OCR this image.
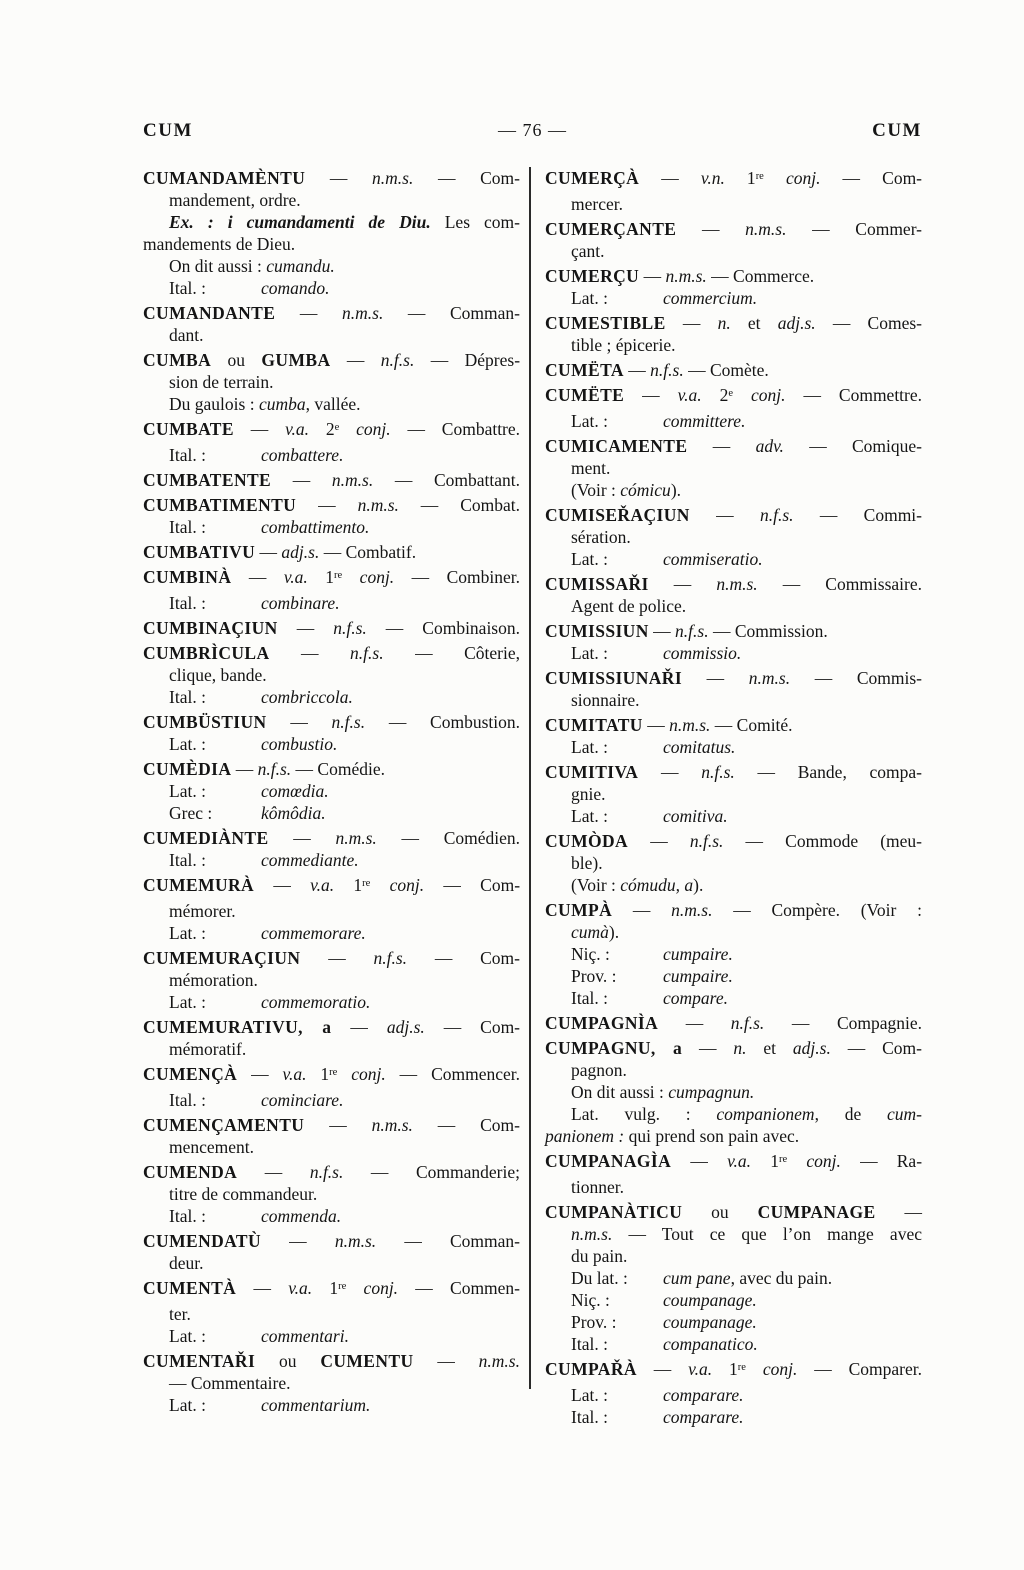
CUM	— 76 —	CUM
CUMANDAMÈNTU — n.m.s. — Com-
mandement, ordre.
Ex. : i cumandamenti de Diu. Les com-
mandements de Dieu.
On dit aussi : cumandu.
Ital. :	comando.
CUMANDANTE — n.m.s. — Comman-
dant.
CUMBA ou GUMBA — n.f.s. — Dépres-
sion de terrain.
Du gaulois : cumba, vallée.
CUMBATE — v.a. 2e conj. — Combattre.
Ital. :	combattere.
CUMBATENTE — n.m.s. — Combattant.
CUMBATIMENTU — n.m.s. — Combat.
Ital. :	combattimento.
CUMBATIVU — adj.s. — Combatif.
CUMBINÀ — v.a. 1re conj. — Combiner.
Ital. :	combinare.
CUMBINAÇIUN — n.f.s. — Combinaison.
CUMBRÌCULA — n.f.s. — Côterie,
clique, bande.
Ital. :	combriccola.
CUMBÜSTIUN — n.f.s. — Combustion.
Lat. :	combustio.
CUMÈDIA — n.f.s. — Comédie.
Lat. :	comœdia.
Grec :	kômôdia.
CUMEDIÀNTE — n.m.s. — Comédien.
Ital. :	commediante.
CUMEMURÀ — v.a. 1re conj. — Com-
mémorer.
Lat. :	commemorare.
CUMEMURAÇIUN — n.f.s. — Com-
mémoration.
Lat. :	commemoratio.
CUMEMURATIVU, a — adj.s. — Com-
mémoratif.
CUMENÇÀ — v.a. 1re conj. — Commencer.
Ital. :	cominciare.
CUMENÇAMENTU — n.m.s. — Com-
mencement.
CUMENDA — n.f.s. — Commanderie;
titre de commandeur.
Ital. :	commenda.
CUMENDATÙ — n.m.s. — Comman-
deur.
CUMENTÀ — v.a. 1re conj. — Commen-
ter.
Lat. :	commentari.
CUMENTAŘI ou CUMENTU — n.m.s.
— Commentaire.
Lat. :	commentarium.
CUMERÇÀ — v.n. 1re conj. — Com-
mercer.
CUMERÇANTE — n.m.s. — Commer-
çant.
CUMERÇU — n.m.s. — Commerce.
Lat. :	commercium.
CUMESTIBLE — n. et adj.s. — Comes-
tible ; épicerie.
CUMËTA — n.f.s. — Comète.
CUMËTE — v.a. 2e conj. — Commettre.
Lat. :	committere.
CUMICAMENTE — adv. — Comique-
ment.
(Voir : cómicu).
CUMISEŘAÇIUN — n.f.s. — Commi-
sération.
Lat. :	commiseratio.
CUMISSAŘI — n.m.s. — Commissaire.
Agent de police.
CUMISSIUN — n.f.s. — Commission.
Lat. :	commissio.
CUMISSIUNAŘI — n.m.s. — Commis-
sionnaire.
CUMITATU — n.m.s. — Comité.
Lat. :	comitatus.
CUMITIVA — n.f.s. — Bande, compa-
gnie.
Lat. :	comitiva.
CUMÒDA — n.f.s. — Commode (meu-
ble).
(Voir : cómudu, a).
CUMPÀ — n.m.s. — Compère. (Voir :
cumà).
Niç. :	cumpaire.
Prov. :	cumpaire.
Ital. :	compare.
CUMPAGNÌA — n.f.s. — Compagnie.
CUMPAGNU, a — n. et adj.s. — Com-
pagnon.
On dit aussi : cumpagnun.
Lat. vulg. : companionem, de cum-
panionem : qui prend son pain avec.
CUMPANAGÌA — v.a. 1re conj. — Ra-
tionner.
CUMPANÀTICU ou CUMPANAGE —
n.m.s. — Tout ce que l’on mange avec
du pain.
Du lat. : cum pane, avec du pain.
Niç. :	coumpanage.
Prov. :	coumpanage.
Ital. :	companatico.
CUMPAŘÀ — v.a. 1re conj. — Comparer.
Lat. :	comparare.
Ital. :	comparare.
